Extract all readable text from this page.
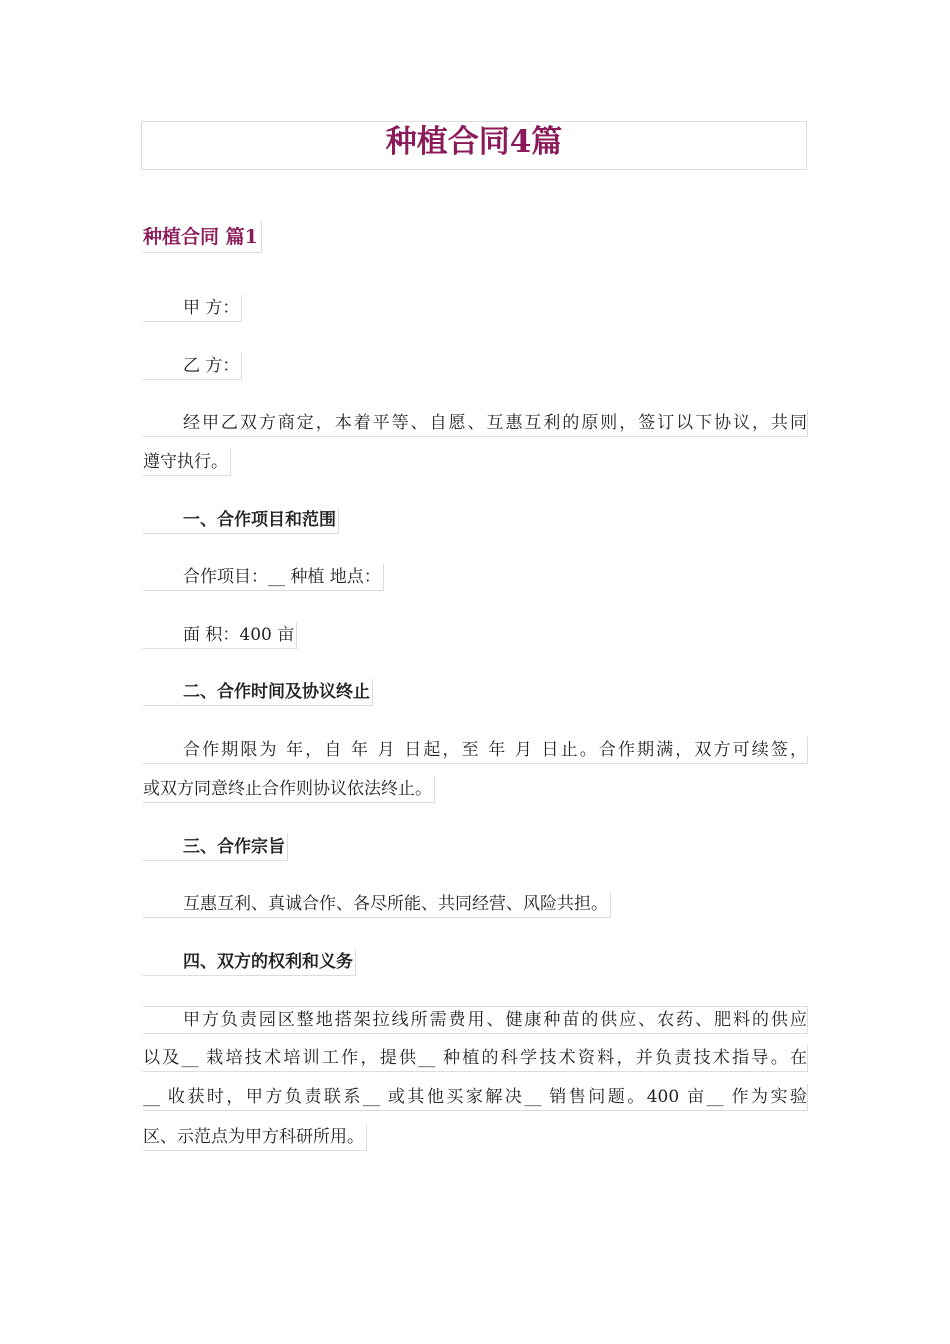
种植合同4篇
种植合同 篇1
甲 方：
乙 方：
经甲乙双方商定，本着平等、自愿、互惠互利的原则，签订以下协议，共同
遵守执行。
一、合作项目和范围
合作项目：__ 种植 地点：
面 积：400 亩
二、合作时间及协议终止
合作期限为 年，自 年 月 日起，至 年 月 日止。合作期满，双方可续签，
或双方同意终止合作则协议依法终止。
三、合作宗旨
互惠互利、真诚合作、各尽所能、共同经营、风险共担。
四、双方的权利和义务
甲方负责园区整地搭架拉线所需费用、健康种苗的供应、农药、肥料的供应
以及__ 栽培技术培训工作，提供__ 种植的科学技术资料，并负责技术指导。在
__ 收获时，甲方负责联系__ 或其他买家解决__ 销售问题。400 亩__ 作为实验
区、示范点为甲方科研所用。
